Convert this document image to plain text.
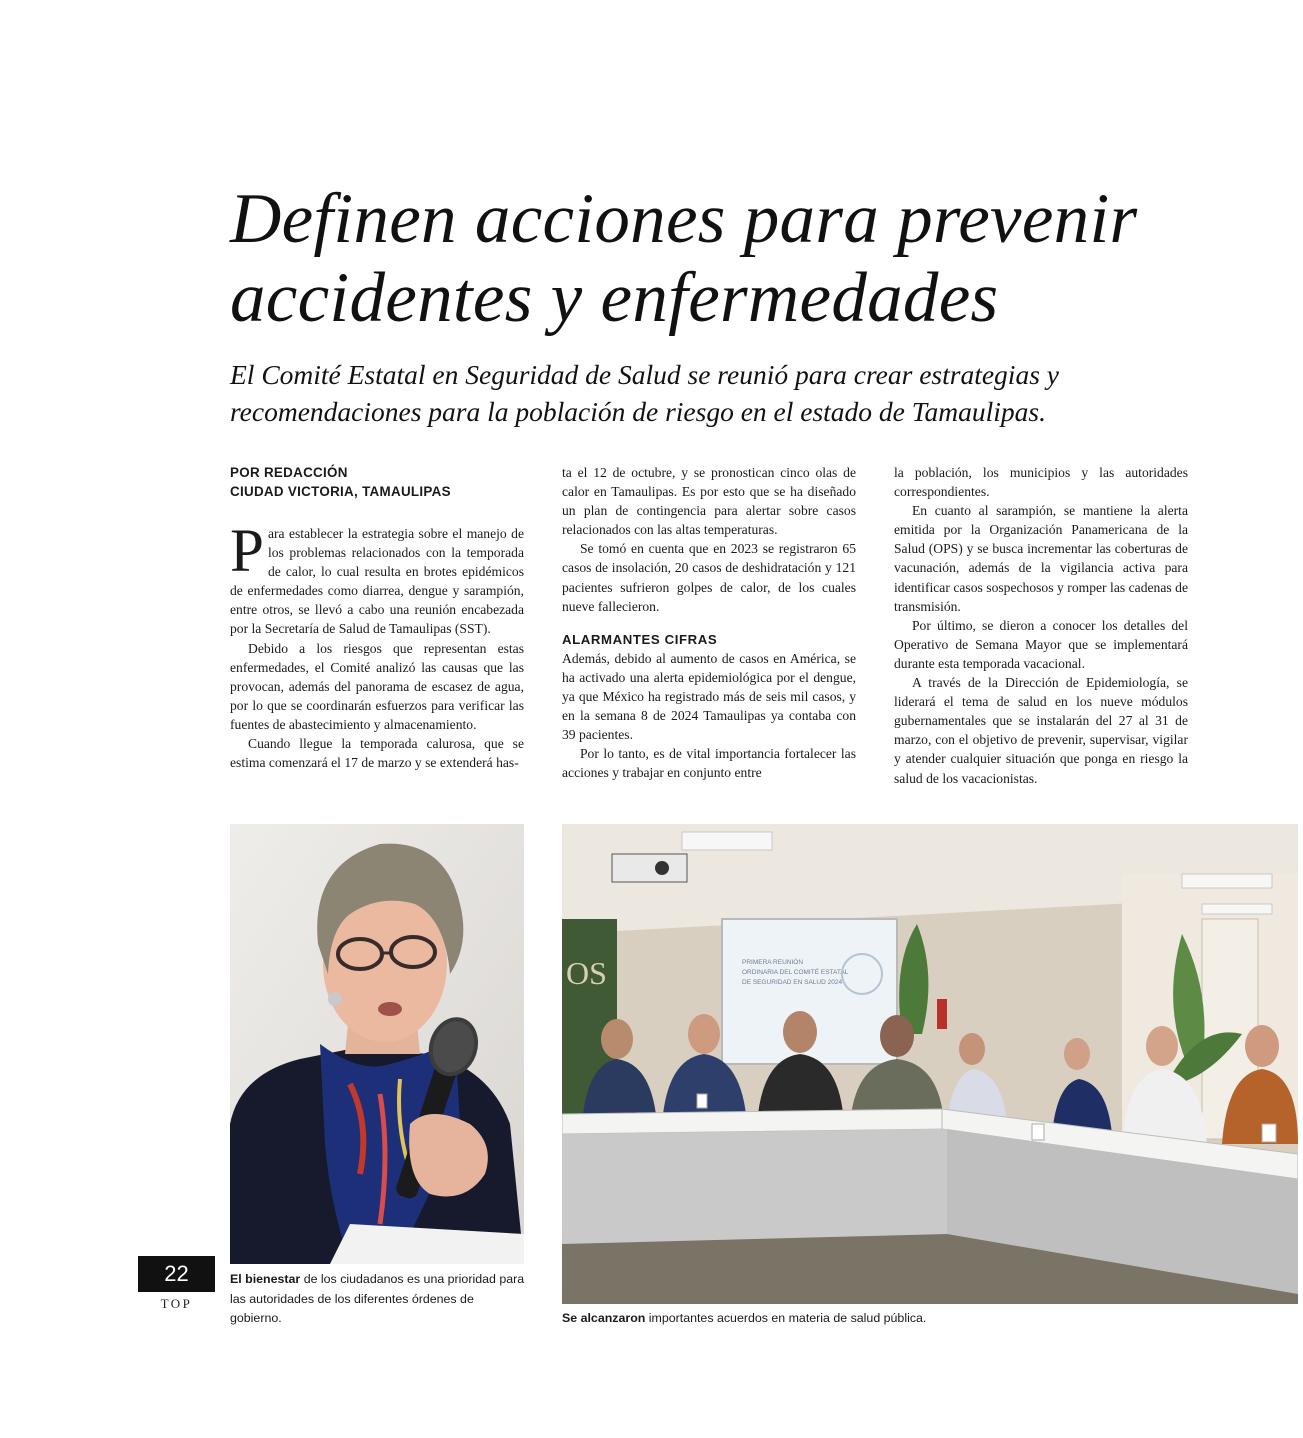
Definen acciones para prevenir
accidentes y enfermedades

El Comité Estatal en Seguridad de Salud se reunió para crear estrategias y
recomendaciones para la población de riesgo en el estado de Tamaulipas.

POR REDACCIÓN
CIUDAD VICTORIA, TAMAULIPAS

Para establecer la estrategia sobre el manejo de los problemas relacionados con la temporada de calor, lo cual resulta en brotes epidémicos de enfermedades como diarrea, dengue y sarampión, entre otros, se llevó a cabo una reunión encabezada por la Secretaría de Salud de Tamaulipas (SST).

Debido a los riesgos que representan estas enfermedades, el Comité analizó las causas que las provocan, además del panorama de escasez de agua, por lo que se coordinarán esfuerzos para verificar las fuentes de abastecimiento y almacenamiento.

Cuando llegue la temporada calurosa, que se estima comenzará el 17 de marzo y se extenderá has-

ta el 12 de octubre, y se pronostican cinco olas de calor en Tamaulipas. Es por esto que se ha diseñado un plan de contingencia para alertar sobre casos relacionados con las altas temperaturas.

Se tomó en cuenta que en 2023 se registraron 65 casos de insolación, 20 casos de deshidratación y 121 pacientes sufrieron golpes de calor, de los cuales nueve fallecieron.

ALARMANTES CIFRAS

Además, debido al aumento de casos en América, se ha activado una alerta epidemiológica por el dengue, ya que México ha registrado más de seis mil casos, y en la semana 8 de 2024 Tamaulipas ya contaba con 39 pacientes.

Por lo tanto, es de vital importancia fortalecer las acciones y trabajar en conjunto entre

la población, los municipios y las autoridades correspondientes.

En cuanto al sarampión, se mantiene la alerta emitida por la Organización Panamericana de la Salud (OPS) y se busca incrementar las coberturas de vacunación, además de la vigilancia activa para identificar casos sospechosos y romper las cadenas de transmisión.

Por último, se dieron a conocer los detalles del Operativo de Semana Mayor que se implementará durante esta temporada vacacional.

A través de la Dirección de Epidemiología, se liderará el tema de salud en los nueve módulos gubernamentales que se instalarán del 27 al 31 de marzo, con el objetivo de prevenir, supervisar, vigilar y atender cualquier situación que ponga en riesgo la salud de los vacacionistas.

OS	PRIMERA REUNIÓN
ORDINARIA DEL COMITÉ ESTATAL
DE SEGURIDAD EN SALUD 2024
El bienestar de los ciudadanos es una prioridad para las autoridades de los diferentes órdenes de gobierno.	Se alcanzaron importantes acuerdos en materia de salud pública.
22
TOP
